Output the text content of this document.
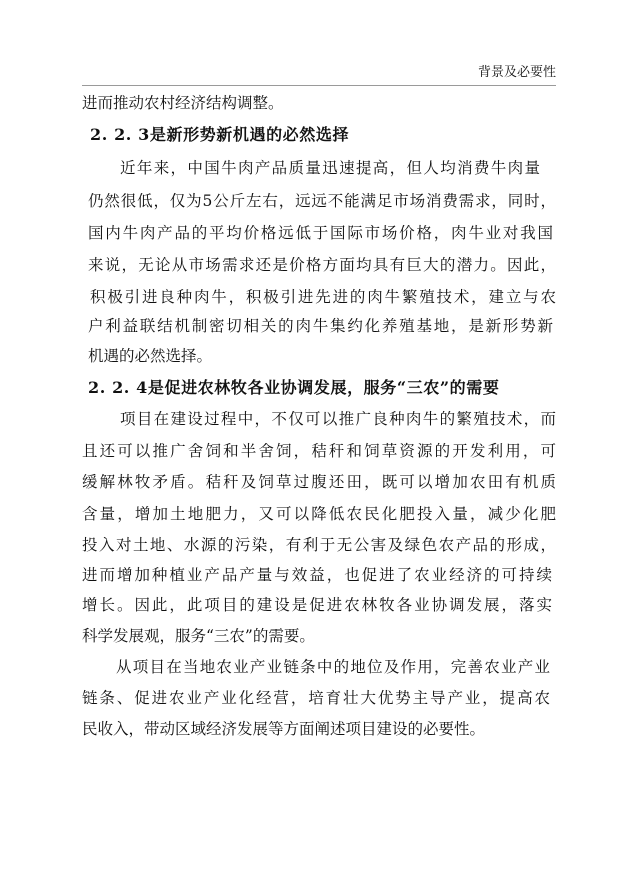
背景及必要性
进而推动农村经济结构调整。
2. 2. 3是新形势新机遇的必然选择
近年来，中国牛肉产品质量迅速提高，但人均消费牛肉量
仍然很低，仅为5公斤左右，远远不能满足市场消费需求，同时，
国内牛肉产品的平均价格远低于国际市场价格，肉牛业对我国
来说，无论从市场需求还是价格方面均具有巨大的潜力。因此，
积极引进良种肉牛，积极引进先进的肉牛繁殖技术，建立与农
户利益联结机制密切相关的肉牛集约化养殖基地，是新形势新
机遇的必然选择。
2. 2. 4是促进农林牧各业协调发展，服务“三农”的需要
项目在建设过程中，不仅可以推广良种肉牛的繁殖技术，而
且还可以推广舍饲和半舍饲，秸秆和饲草资源的开发利用，可
缓解林牧矛盾。秸秆及饲草过腹还田，既可以增加农田有机质
含量，增加土地肥力，又可以降低农民化肥投入量，减少化肥
投入对土地、水源的污染，有利于无公害及绿色农产品的形成，
进而增加种植业产品产量与效益，也促进了农业经济的可持续
增长。因此，此项目的建设是促进农林牧各业协调发展，落实
科学发展观，服务“三农”的需要。
从项目在当地农业产业链条中的地位及作用，完善农业产业
链条、促进农业产业化经营，培育壮大优势主导产业，提高农
民收入，带动区域经济发展等方面阐述项目建设的必要性。
